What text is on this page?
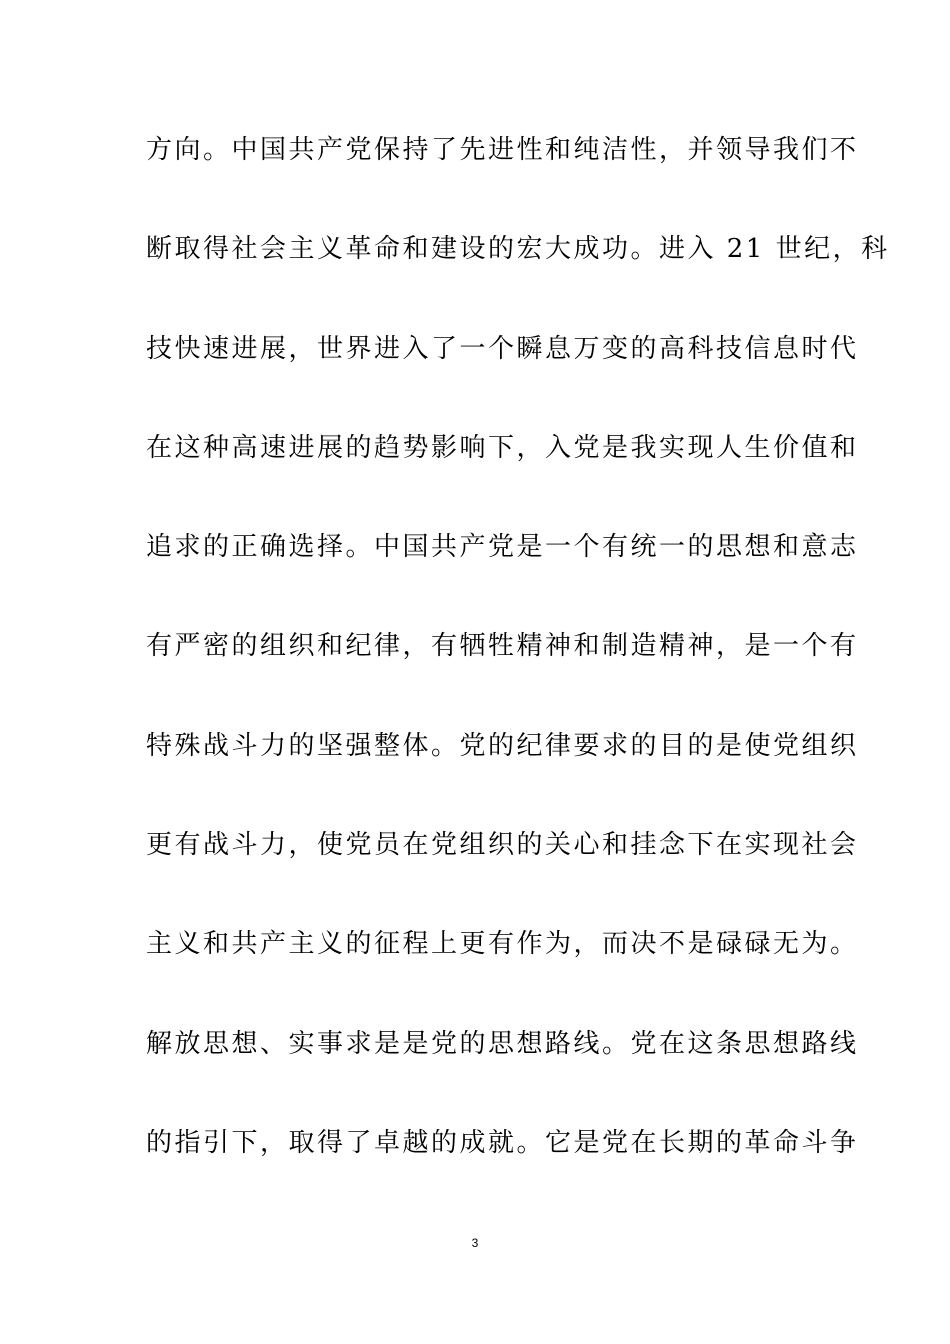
方向。中国共产党保持了先进性和纯洁性，并领导我们不
断取得社会主义革命和建设的宏大成功。进入 21 世纪，科
技快速进展，世界进入了一个瞬息万变的高科技信息时代
在这种高速进展的趋势影响下，入党是我实现人生价值和
追求的正确选择。中国共产党是一个有统一的思想和意志
有严密的组织和纪律，有牺牲精神和制造精神，是一个有
特殊战斗力的坚强整体。党的纪律要求的目的是使党组织
更有战斗力，使党员在党组织的关心和挂念下在实现社会
主义和共产主义的征程上更有作为，而决不是碌碌无为。
解放思想、实事求是是党的思想路线。党在这条思想路线
的指引下，取得了卓越的成就。它是党在长期的革命斗争
3
